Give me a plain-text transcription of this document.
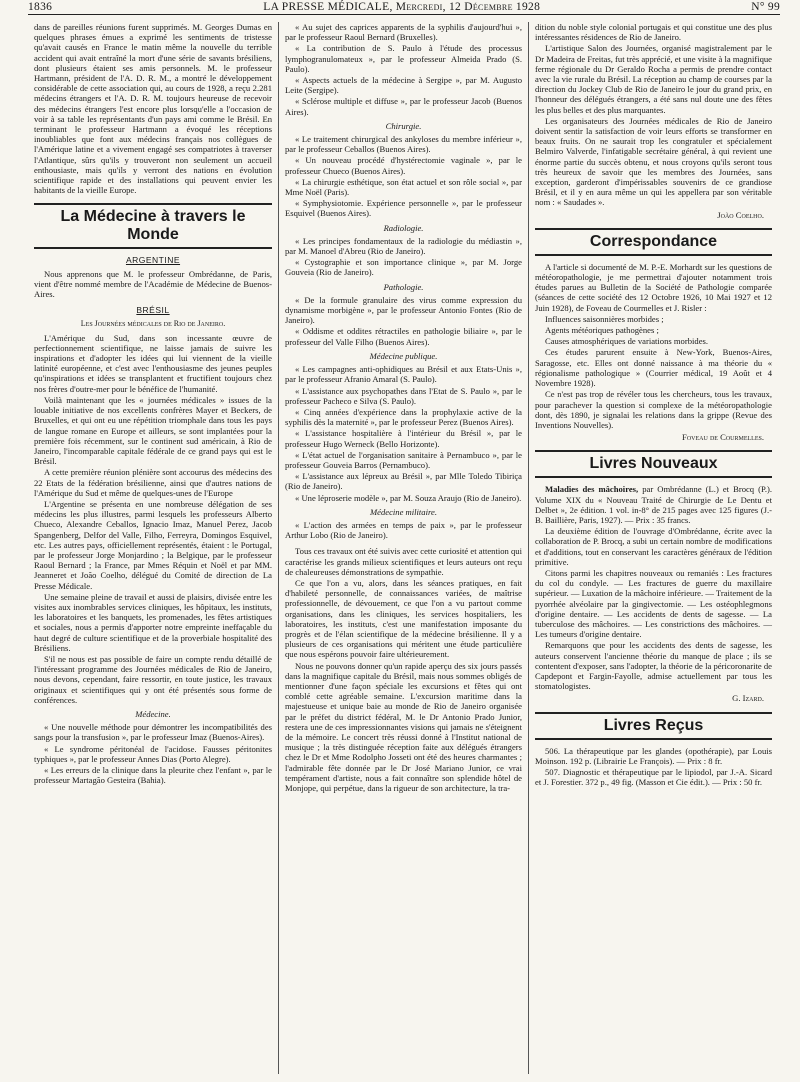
1836	LA PRESSE MÉDICALE, Mercredi, 12 Décembre 1928	N° 99

dans de pareilles réunions furent supprimés. M. Georges Dumas en quelques phrases émues a exprimé les sentiments de tristesse qu'avait causés en France le matin même la nouvelle du terrible accident qui avait entraîné la mort d'une série de savants brésiliens, dont plusieurs étaient ses amis personnels. M. le professeur Hartmann, président de l'A. D. R. M., a montré le développement considérable de cette association qui, au cours de 1928, a reçu 2.281 médecins étrangers et l'A. D. R. M. toujours heureuse de recevoir des médecins étrangers l'est encore plus lorsqu'elle a l'occasion de voir à sa table les représentants d'un pays ami comme le Brésil. En terminant le professeur Hartmann a évoqué les réceptions inoubliables que font aux médecins français nos collègues de l'Amérique latine et a vivement engagé ses compatriotes à traverser l'Atlantique, sûrs qu'ils y trouveront non seulement un accueil enthousiaste, mais qu'ils y verront des nations en évolution scientifique rapide et des installations qui peuvent envier les habitants de la vieille Europe.

La Médecine à travers le Monde
ARGENTINE

Nous apprenons que M. le professeur Ombrédanne, de Paris, vient d'être nommé membre de l'Académie de Médecine de Buenos-Aires.

BRÉSIL
Les Journées médicales de Rio de Janeiro.

L'Amérique du Sud, dans son incessante œuvre de perfectionnement scientifique, ne laisse jamais de suivre les inspirations et d'adopter les idées qui lui viennent de la vieille latinité européenne, et c'est avec l'enthousiasme des jeunes peuples qu'inspirations et idées se transplantent et fructifient toujours chez nos frères d'outre-mer pour le bénéfice de l'humanité.

Voilà maintenant que les « journées médicales » issues de la louable initiative de nos excellents confrères Mayer et Beckers, de Bruxelles, et qui ont eu une répétition triomphale dans tous les pays de langue romane en Europe et ailleurs, se sont implantées pour la première fois récemment, sur le continent sud américain, à Rio de Janeiro, l'incomparable capitale fédérale de ce grand pays qui est le Brésil.

A cette première réunion plénière sont accourus des médecins des 22 Etats de la fédération brésilienne, ainsi que d'autres nations de l'Amérique du Sud et même de quelques-unes de l'Europe

L'Argentine se présenta en une nombreuse délégation de ses médecins les plus illustres, parmi lesquels les professeurs Alberto Chueco, Alexandre Ceballos, Ignacio Imaz, Manuel Perez, Jacob Spangenberg, Delfor del Valle, Filho, Ferreyra, Domingos Esquivel, etc. Les autres pays, officiellement représentés, étaient : le Portugal, par le professeur Jorge Monjardino ; la Belgique, par le professeur Raoul Bernard ; la France, par Mmes Réquin et Noël et par MM. Jeanneret et João Coelho, délégué du Comité de direction de La Presse Médicale.

Une semaine pleine de travail et aussi de plaisirs, divisée entre les visites aux inombrables services cliniques, les hôpitaux, les instituts, les laboratoires et les banquets, les promenades, les fêtes artistiques et sociales, nous a permis d'apporter notre empreinte ineffaçable du haut degré de culture scientifique et de la proverbiale hospitalité des Brésiliens.

S'il ne nous est pas possible de faire un compte rendu détaillé de l'intéressant programme des Journées médicales de Rio de Janeiro, nous devons, cependant, faire ressortir, en toute justice, les travaux originaux et scientifiques qui y ont été présentés sous forme de conférences.

Médecine.

« Une nouvelle méthode pour démontrer les incompatibilités des sangs pour la transfusion », par le professeur Imaz (Buenos-Aires).

« Le syndrome péritonéal de l'acidose. Fausses péritonites typhiques », par le professeur Annes Dias (Porto Alegre).

« Les erreurs de la clinique dans la pleurite chez l'enfant », par le professeur Martagão Gesteira (Bahia).

« Au sujet des caprices apparents de la syphilis d'aujourd'hui », par le professeur Raoul Bernard (Bruxelles).

« La contribution de S. Paulo à l'étude des processus lymphogranulomateux », par le professeur Almeida Prado (S. Paulo).

« Aspects actuels de la médecine à Sergipe », par M. Augusto Leite (Sergipe).

« Sclérose multiple et diffuse », par le professeur Jacob (Buenos Aires).

Chirurgie.

« Le traitement chirurgical des ankyloses du membre inférieur », par le professeur Ceballos (Buenos Aires).

« Un nouveau procédé d'hystérectomie vaginale », par le professeur Chueco (Buenos Aires).

« La chirurgie esthétique, son état actuel et son rôle social », par Mme Noël (Paris).

« Symphysiotomie. Expérience personnelle », par le professeur Esquivel (Buenos Aires).

Radiologie.

« Les principes fondamentaux de la radiologie du médiastin », par M. Manoel d'Abreu (Rio de Janeiro).

« Cystographie et son importance clinique », par M. Jorge Gouveia (Rio de Janeiro).

Pathologie.

« De la formule granulaire des virus comme expression du dynamisme morbigène », par le professeur Antonio Fontes (Rio de Janeiro).

« Oddisme et oddites rétractiles en pathologie biliaire », par le professeur del Valle Filho (Buenos Aires).

Médecine publique.

« Les campagnes anti-ophidiques au Brésil et aux Etats-Unis », par le professeur Afranio Amaral (S. Paulo).

« L'assistance aux psychopathes dans l'Etat de S. Paulo », par le professeur Pacheco e Silva (S. Paulo).

« Cinq années d'expérience dans la prophylaxie active de la syphilis dès la maternité », par le professeur Perez (Buenos Aires).

« L'assistance hospitalière à l'intérieur du Brésil », par le professeur Hugo Werneck (Bello Horizonte).

« L'état actuel de l'organisation sanitaire à Pernambuco », par le professeur Gouveia Barros (Pernambuco).

« L'assistance aux lépreux au Brésil », par Mlle Toledo Tibiriça (Rio de Janeiro).

« Une léproserie modèle », par M. Souza Araujo (Rio de Janeiro).

Médecine militaire.

« L'action des armées en temps de paix », par le professeur Arthur Lobo (Rio de Janeiro).

Tous ces travaux ont été suivis avec cette curiosité et attention qui caractérise les grands milieux scientifiques et leurs auteurs ont reçu de chaleureuses démonstrations de sympathie.

Ce que l'on a vu, alors, dans les séances pratiques, en fait d'habileté personnelle, de connaissances variées, de maîtrise professionnelle, de dévouement, ce que l'on a vu partout comme organisations, dans les cliniques, les services hospitaliers, les laboratoires, les instituts, c'est une manifestation imposante du progrès et de l'élan scientifique de la médecine brésilienne. Il y a plusieurs de ces organisations qui méritent une étude particulière que nous espérons pouvoir faire ultérieurement.

Nous ne pouvons donner qu'un rapide aperçu des six jours passés dans la magnifique capitale du Brésil, mais nous sommes obligés de mentionner d'une façon spéciale les excursions et fêtes qui ont comblé cette agréable semaine. L'excursion maritime dans la majestueuse et unique baie au monde de Rio de Janeiro organisée par le préfet du district fédéral, M. le Dr Antonio Prado Junior, restera une de ces impressionnantes visions qui jamais ne s'éteignent de la mémoire. Le concert très réussi donné à l'Institut national de musique ; la très distinguée réception faite aux délégués étrangers chez le Dr et Mme Rodolpho Josseti ont été des heures charmantes ; l'admirable fête donnée par le Dr José Mariano Junior, ce vrai tempérament d'artiste, nous a fait connaître son splendide hôtel de Monjope, qui perpétue, dans la rigueur de son architecture, la tra-

dition du noble style colonial portugais et qui constitue une des plus intéressantes résidences de Rio de Janeiro.

L'artistique Salon des Journées, organisé magistralement par le Dr Madeira de Freitas, fut très apprécié, et une visite à la magnifique ferme régionale du Dr Geraldo Rocha a permis de prendre contact avec la vie rurale du Brésil. La réception au champ de courses par la direction du Jockey Club de Rio de Janeiro le jour du grand prix, en l'honneur des délégués étrangers, a été sans nul doute une des fêtes les plus belles et des plus marquantes.

Les organisateurs des Journées médicales de Rio de Janeiro doivent sentir la satisfaction de voir leurs efforts se transformer en beaux fruits. On ne saurait trop les congratuler et spécialement Belmiro Valverde, l'infatigable secrétaire général, à qui revient une énorme partie du succès obtenu, et nous croyons qu'ils seront tous très heureux de savoir que les membres des Journées, sans exception, garderont d'impérissables souvenirs de ce grandiose Brésil, et il y en aura même un qui les appellera par son véritable nom : « Saudades ».

João Coelho.
Correspondance

A l'article si documenté de M. P.-E. Morhardt sur les questions de météoropathologie, je me permettrai d'ajouter notamment trois études parues au Bulletin de la Société de Pathologie comparée (séances de cette société des 12 Octobre 1926, 10 Mai 1927 et 12 Juin 1928), de Foveau de Courmelles et J. Risler :

Influences saisonnières morbides ;

Agents météoriques pathogènes ;

Causes atmosphériques de variations morbides.

Ces études parurent ensuite à New-York, Buenos-Aires, Saragosse, etc. Elles ont donné naissance à ma théorie du « régionalisme pathologique » (Courrier médical, 19 Août et 4 Novembre 1928).

Ce n'est pas trop de révéler tous les chercheurs, tous les travaux, pour parachever la question si complexe de la météoropathologie dont, dès 1890, je signalai les relations dans la grippe (Revue des Inventions Nouvelles).

Foveau de Courmelles.
Livres Nouveaux

Maladies des mâchoires, par Ombrédanne (L.) et Brocq (P.). Volume XIX du « Nouveau Traité de Chirurgie de Le Dentu et Delbet », 2e édition. 1 vol. in-8° de 215 pages avec 125 figures (J.-B. Baillière, Paris, 1927). — Prix : 35 francs.

La deuxième édition de l'ouvrage d'Ombrédanne, écrite avec la collaboration de P. Brocq, a subi un certain nombre de modifications et d'additions, tout en conservant les caractères généraux de l'édition primitive.

Citons parmi les chapitres nouveaux ou remaniés : Les fractures du col du condyle. — Les fractures de guerre du maxillaire supérieur. — Luxation de la mâchoire inférieure. — Traitement de la pyorrhée alvéolaire par la gingivectomie. — Les ostéophlegmons d'origine dentaire. — Les accidents de dents de sagesse. — La tuberculose des mâchoires. — Les constrictions des mâchoires. — Les tumeurs d'origine dentaire.

Remarquons que pour les accidents des dents de sagesse, les auteurs conservent l'ancienne théorie du manque de place ; ils se contentent d'exposer, sans l'adopter, la théorie de la péricoronarite de Capdepont et Fargin-Fayolle, admise actuellement par tous les stomatologistes.

G. Izard.
Livres Reçus

506. La thérapeutique par les glandes (opothérapie), par Louis Moinson. 192 p. (Librairie Le François). — Prix : 8 fr.

507. Diagnostic et thérapeutique par le lipiodol, par J.-A. Sicard et J. Forestier. 372 p., 49 fig. (Masson et Cie édit.). — Prix : 50 fr.
